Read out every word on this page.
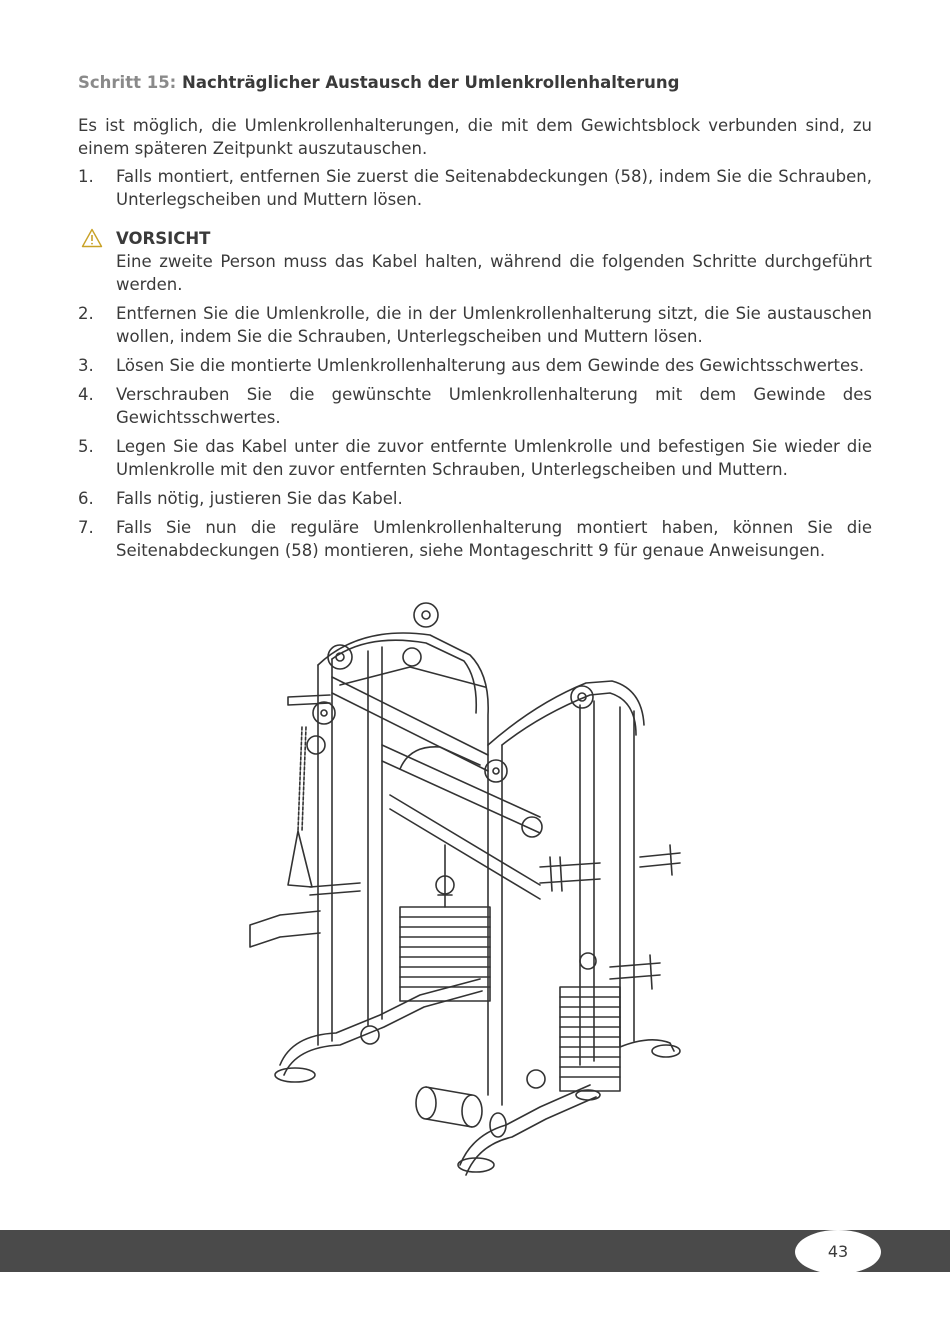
Schritt 15: Nachträglicher Austausch der Umlenkrollenhalterung
Es ist möglich, die Umlenkrollenhalterungen, die mit dem Gewichtsblock verbunden sind, zu einem späteren Zeitpunkt auszutauschen.
1. Falls montiert, entfernen Sie zuerst die Seitenabdeckungen (58), indem Sie die Schrauben, Unterlegscheiben und Muttern lösen.
VORSICHT
Eine zweite Person muss das Kabel halten, während die folgenden Schritte durchgeführt werden.
2. Entfernen Sie die Umlenkrolle, die in der Umlenkrollenhalterung sitzt, die Sie austauschen wollen, indem Sie die Schrauben, Unterlegscheiben und Muttern lösen.
3. Lösen Sie die montierte Umlenkrollenhalterung aus dem Gewinde des Gewichtsschwertes.
4. Verschrauben Sie die gewünschte Umlenkrollenhalterung mit dem Gewinde des Gewichtsschwertes.
5. Legen Sie das Kabel unter die zuvor entfernte Umlenkrolle und befestigen Sie wieder die Umlenkrolle mit den zuvor entfernten Schrauben, Unterlegscheiben und Muttern.
6. Falls nötig, justieren Sie das Kabel.
7. Falls Sie nun die reguläre Umlenkrollenhalterung montiert haben, können Sie die Seitenabdeckungen (58) montieren, siehe Montageschritt 9 für genaue Anweisungen.
43
